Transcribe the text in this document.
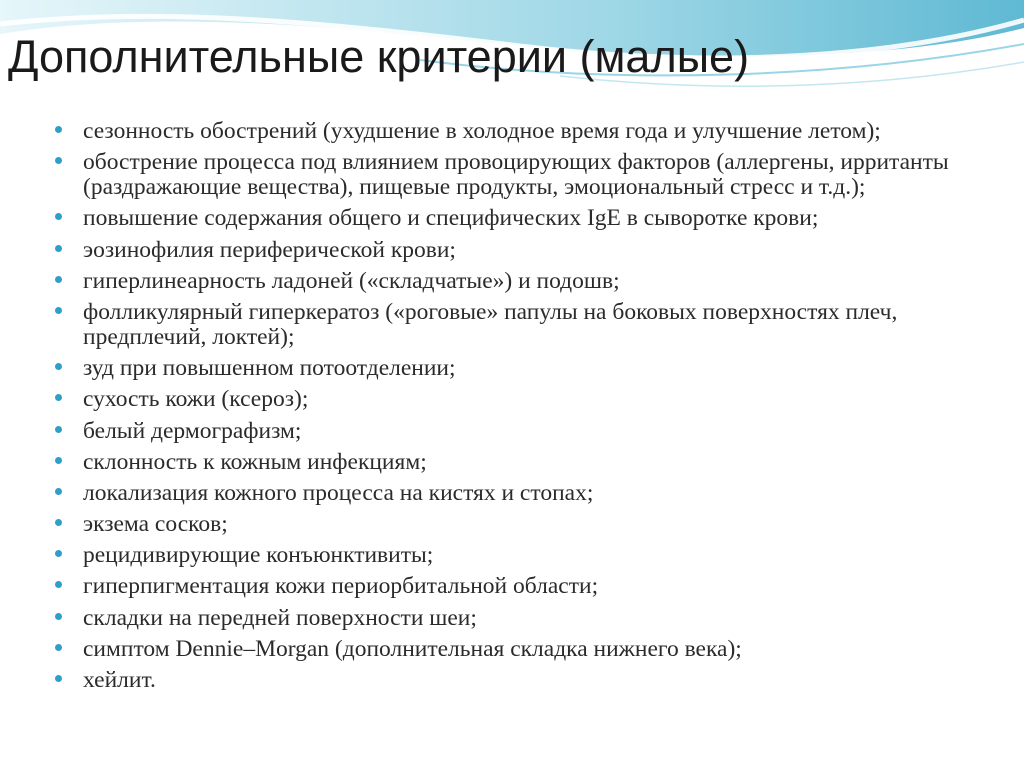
Дополнительные критерии (малые)
сезонность обострений (ухудшение в холодное время года и улучшение летом);
обострение процесса под влиянием провоцирующих факторов (аллергены, ирританты (раздражающие вещества), пищевые продукты, эмоциональный стресс и т.д.);
повышение содержания общего и специфических IgE в сыворотке крови;
эозинофилия периферической крови;
гиперлинеарность ладоней («складчатые») и подошв;
фолликулярный гиперкератоз («роговые» папулы на боковых поверхностях плеч, предплечий, локтей);
зуд при повышенном потоотделении;
сухость кожи (ксероз);
белый дермографизм;
склонность к кожным инфекциям;
локализация кожного процесса на кистях и стопах;
экзема сосков;
рецидивирующие конъюнктивиты;
гиперпигментация кожи периорбитальной области;
складки на передней поверхности шеи;
симптом Dennie–Morgan (дополнительная складка нижнего века);
хейлит.
